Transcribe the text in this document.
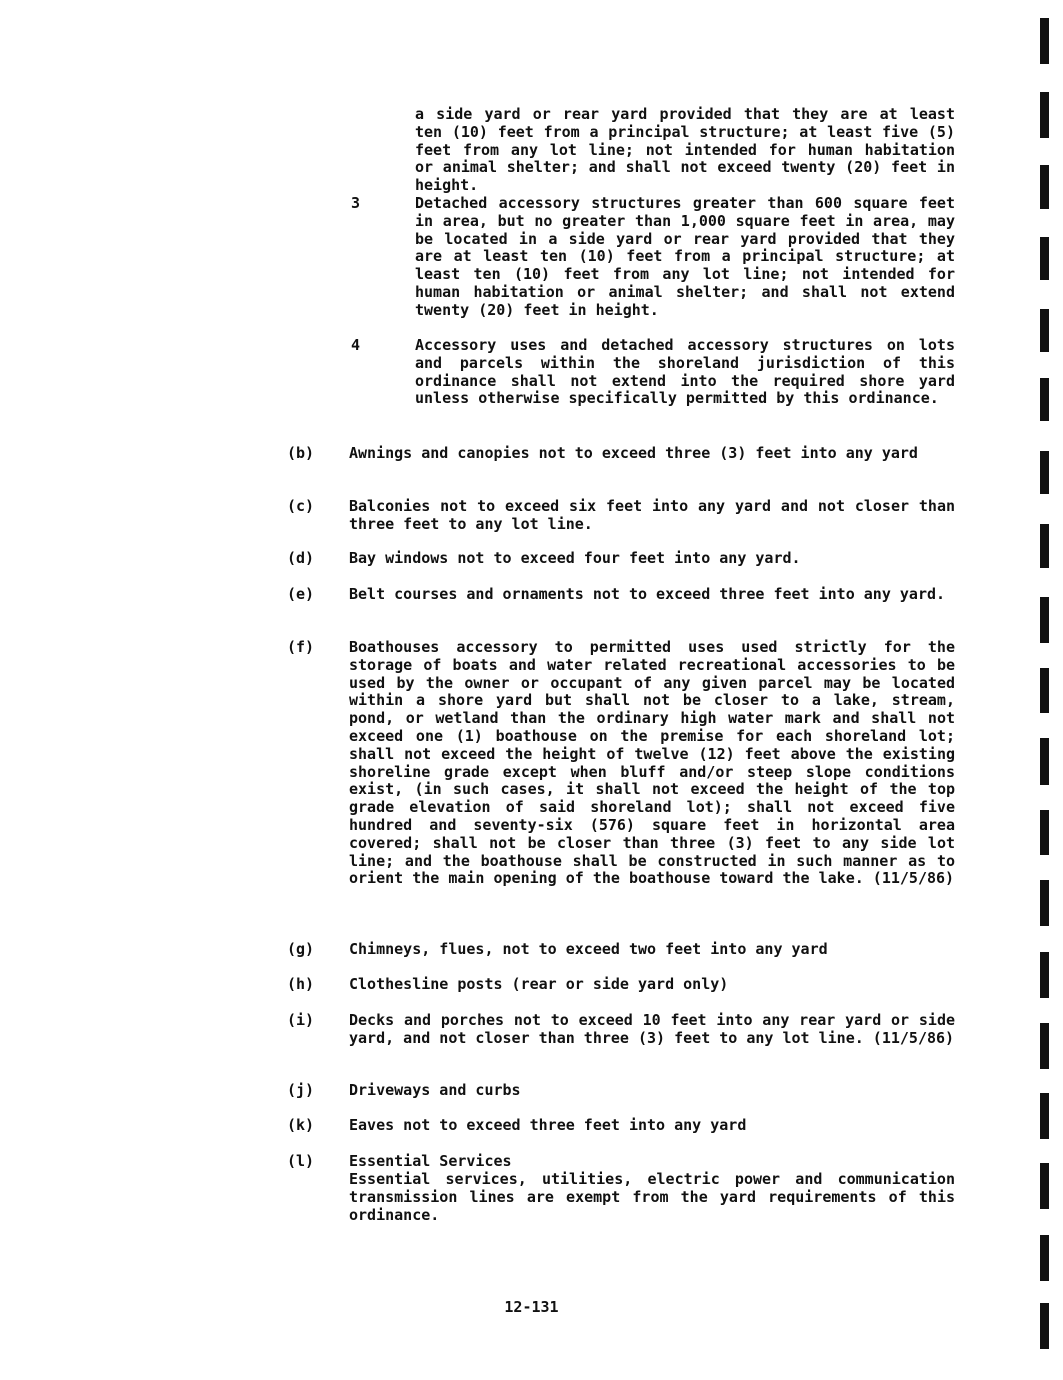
a side yard or rear yard provided that they are at least ten (10) feet from a principal structure; at least five (5) feet from any lot line; not intended for human habitation or animal shelter; and shall not exceed twenty (20) feet in height.

3	Detached accessory structures greater than 600 square feet in area, but no greater than 1,000 square feet in area, may be located in a side yard or rear yard provided that they are at least ten (10) feet from a principal structure; at least ten (10) feet from any lot line; not intended for human habitation or animal shelter; and shall not extend twenty (20) feet in height.

4	Accessory uses and detached accessory structures on lots and parcels within the shoreland jurisdiction of this ordinance shall not extend into the required shore yard unless otherwise specifically permitted by this ordinance.

(b) Awnings and canopies not to exceed three (3) feet into any yard

(c) Balconies not to exceed six feet into any yard and not closer than three feet to any lot line.

(d) Bay windows not to exceed four feet into any yard.

(e) Belt courses and ornaments not to exceed three feet into any yard.

(f) Boathouses accessory to permitted uses used strictly for the storage of boats and water related recreational accessories to be used by the owner or occupant of any given parcel may be located within a shore yard but shall not be closer to a lake, stream, pond, or wetland than the ordinary high water mark and shall not exceed one (1) boathouse on the premise for each shoreland lot; shall not exceed the height of twelve (12) feet above the existing shoreline grade except when bluff and/or steep slope conditions exist, (in such cases, it shall not exceed the height of the top grade elevation of said shoreland lot); shall not exceed five hundred and seventy-six (576) square feet in horizontal area covered; shall not be closer than three (3) feet to any side lot line; and the boathouse shall be constructed in such manner as to orient the main opening of the boathouse toward the lake. (11/5/86)

(g) Chimneys, flues, not to exceed two feet into any yard

(h) Clothesline posts (rear or side yard only)

(i) Decks and porches not to exceed 10 feet into any rear yard or side yard, and not closer than three (3) feet to any lot line. (11/5/86)

(j) Driveways and curbs

(k) Eaves not to exceed three feet into any yard

(l) Essential Services

Essential services, utilities, electric power and communication transmission lines are exempt from the yard requirements of this ordinance.

12-131
